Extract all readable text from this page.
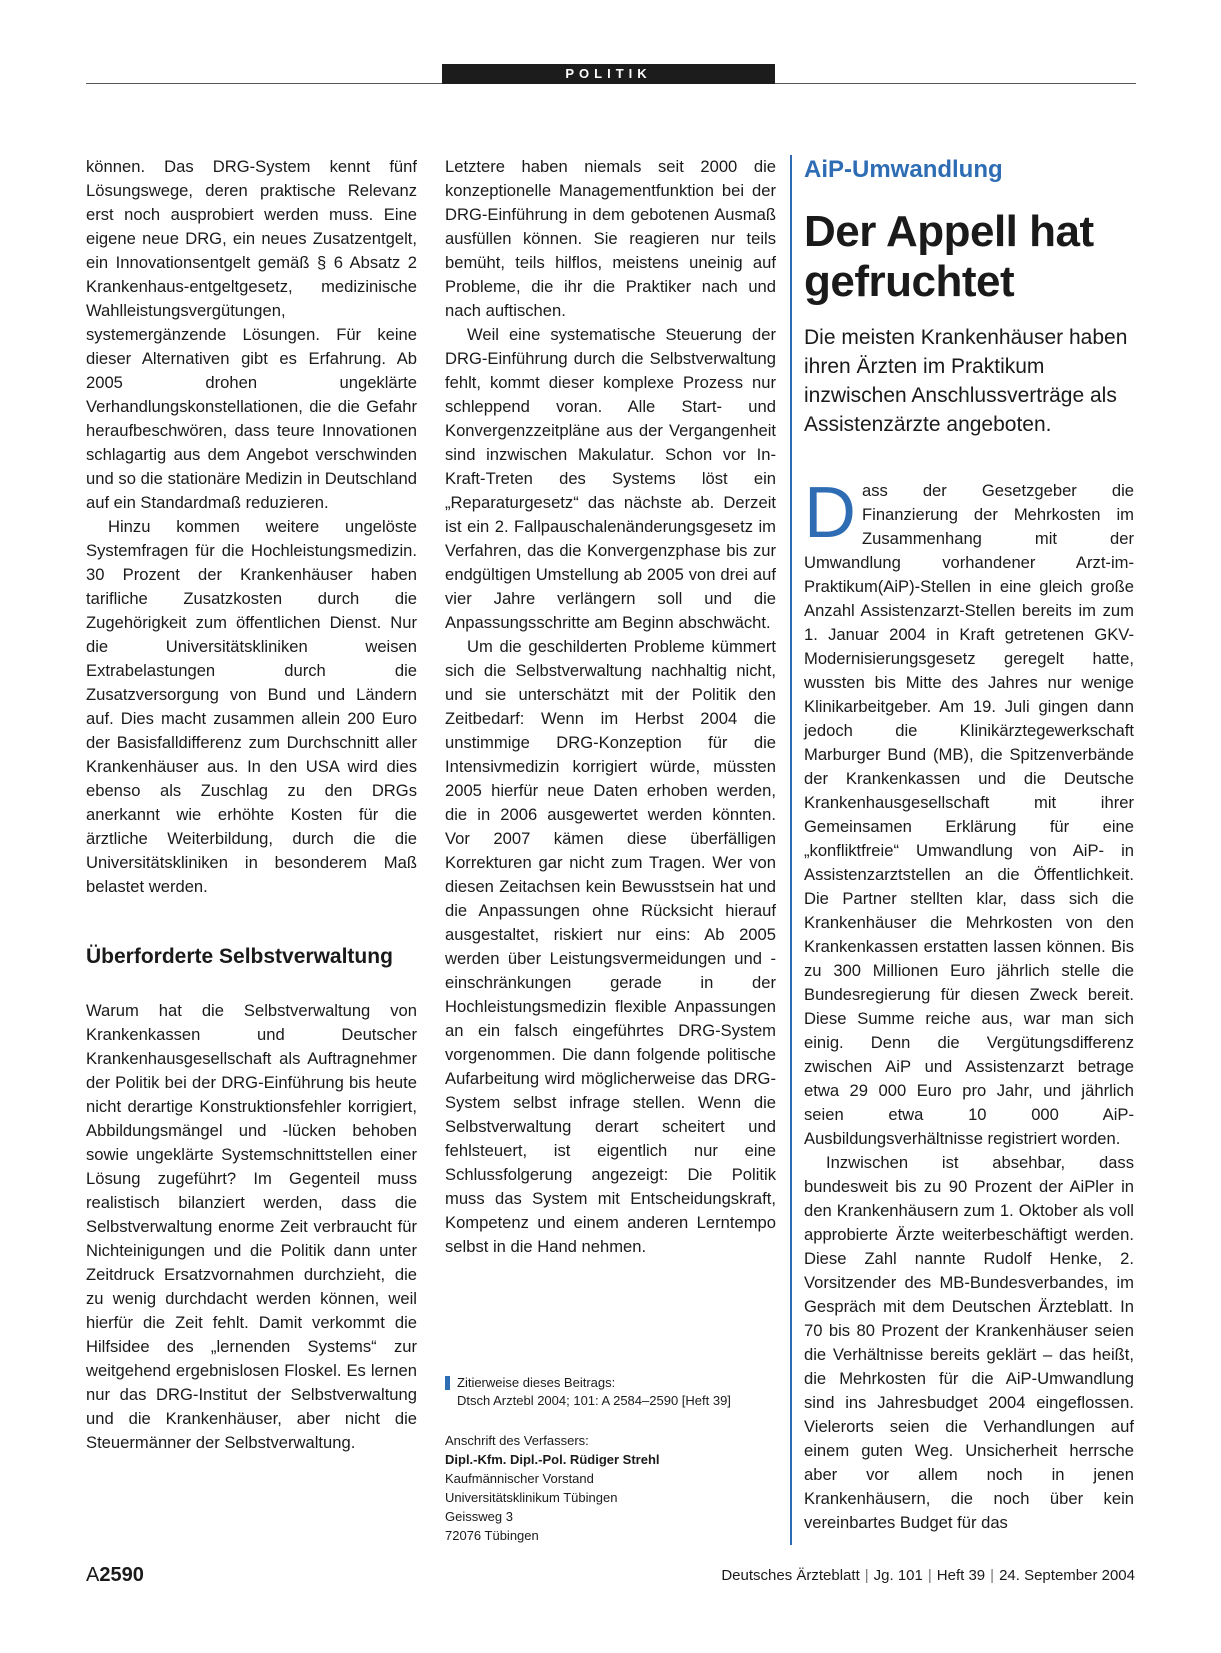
POLITIK

können. Das DRG-System kennt fünf Lösungswege, deren praktische Relevanz erst noch ausprobiert werden muss. Eine eigene neue DRG, ein neues Zusatzentgelt, ein Innovationsentgelt gemäß § 6 Absatz 2 Krankenhaus-entgeltgesetz, medizinische Wahlleistungsvergütungen, systemergänzende Lösungen. Für keine dieser Alternativen gibt es Erfahrung. Ab 2005 drohen ungeklärte Verhandlungskonstellationen, die die Gefahr heraufbeschwören, dass teure Innovationen schlagartig aus dem Angebot verschwinden und so die stationäre Medizin in Deutschland auf ein Standardmaß reduzieren.

Hinzu kommen weitere ungelöste Systemfragen für die Hochleistungsmedizin. 30 Prozent der Krankenhäuser haben tarifliche Zusatzkosten durch die Zugehörigkeit zum öffentlichen Dienst. Nur die Universitätskliniken weisen Extrabelastungen durch die Zusatzversorgung von Bund und Ländern auf. Dies macht zusammen allein 200 Euro der Basisfalldifferenz zum Durchschnitt aller Krankenhäuser aus. In den USA wird dies ebenso als Zuschlag zu den DRGs anerkannt wie erhöhte Kosten für die ärztliche Weiterbildung, durch die die Universitätskliniken in besonderem Maß belastet werden.

Überforderte Selbstverwaltung

Warum hat die Selbstverwaltung von Krankenkassen und Deutscher Krankenhausgesellschaft als Auftragnehmer der Politik bei der DRG-Einführung bis heute nicht derartige Konstruktionsfehler korrigiert, Abbildungsmängel und -lücken behoben sowie ungeklärte Systemschnittstellen einer Lösung zugeführt? Im Gegenteil muss realistisch bilanziert werden, dass die Selbstverwaltung enorme Zeit verbraucht für Nichteinigungen und die Politik dann unter Zeitdruck Ersatzvornahmen durchzieht, die zu wenig durchdacht werden können, weil hierfür die Zeit fehlt. Damit verkommt die Hilfsidee des „lernenden Systems“ zur weitgehend ergebnislosen Floskel. Es lernen nur das DRG-Institut der Selbstverwaltung und die Krankenhäuser, aber nicht die Steuermänner der Selbstverwaltung.

Letztere haben niemals seit 2000 die konzeptionelle Managementfunktion bei der DRG-Einführung in dem gebotenen Ausmaß ausfüllen können. Sie reagieren nur teils bemüht, teils hilflos, meistens uneinig auf Probleme, die ihr die Praktiker nach und nach auftischen.

Weil eine systematische Steuerung der DRG-Einführung durch die Selbstverwaltung fehlt, kommt dieser komplexe Prozess nur schleppend voran. Alle Start- und Konvergenzzeitpläne aus der Vergangenheit sind inzwischen Makulatur. Schon vor In-Kraft-Treten des Systems löst ein „Reparaturgesetz“ das nächste ab. Derzeit ist ein 2. Fallpauschalenänderungsgesetz im Verfahren, das die Konvergenzphase bis zur endgültigen Umstellung ab 2005 von drei auf vier Jahre verlängern soll und die Anpassungsschritte am Beginn abschwächt.

Um die geschilderten Probleme kümmert sich die Selbstverwaltung nachhaltig nicht, und sie unterschätzt mit der Politik den Zeitbedarf: Wenn im Herbst 2004 die unstimmige DRG-Konzeption für die Intensivmedizin korrigiert würde, müssten 2005 hierfür neue Daten erhoben werden, die in 2006 ausgewertet werden könnten. Vor 2007 kämen diese überfälligen Korrekturen gar nicht zum Tragen. Wer von diesen Zeitachsen kein Bewusstsein hat und die Anpassungen ohne Rücksicht hierauf ausgestaltet, riskiert nur eins: Ab 2005 werden über Leistungsvermeidungen und -einschränkungen gerade in der Hochleistungsmedizin flexible Anpassungen an ein falsch eingeführtes DRG-System vorgenommen. Die dann folgende politische Aufarbeitung wird möglicherweise das DRG-System selbst infrage stellen. Wenn die Selbstverwaltung derart scheitert und fehlsteuert, ist eigentlich nur eine Schlussfolgerung angezeigt: Die Politik muss das System mit Entscheidungskraft, Kompetenz und einem anderen Lerntempo selbst in die Hand nehmen.

Zitierweise dieses Beitrags:
Dtsch Arztebl 2004; 101: A 2584–2590 [Heft 39]
Anschrift des Verfassers:
Dipl.-Kfm. Dipl.-Pol. Rüdiger Strehl
Kaufmännischer Vorstand
Universitätsklinikum Tübingen
Geissweg 3
72076 Tübingen
AiP-Umwandlung
Der Appell hat gefruchtet
Die meisten Krankenhäuser haben ihren Ärzten im Praktikum inzwischen Anschlussverträge als Assistenzärzte angeboten.

Dass der Gesetzgeber die Finanzierung der Mehrkosten im Zusammenhang mit der Umwandlung vorhandener Arzt-im-Praktikum(AiP)-Stellen in eine gleich große Anzahl Assistenzarzt-Stellen bereits im zum 1. Januar 2004 in Kraft getretenen GKV-Modernisierungsgesetz geregelt hatte, wussten bis Mitte des Jahres nur wenige Klinikarbeitgeber. Am 19. Juli gingen dann jedoch die Klinikärztegewerkschaft Marburger Bund (MB), die Spitzenverbände der Krankenkassen und die Deutsche Krankenhausgesellschaft mit ihrer Gemeinsamen Erklärung für eine „konfliktfreie“ Umwandlung von AiP- in Assistenzarztstellen an die Öffentlichkeit. Die Partner stellten klar, dass sich die Krankenhäuser die Mehrkosten von den Krankenkassen erstatten lassen können. Bis zu 300 Millionen Euro jährlich stelle die Bundesregierung für diesen Zweck bereit. Diese Summe reiche aus, war man sich einig. Denn die Vergütungsdifferenz zwischen AiP und Assistenzarzt betrage etwa 29 000 Euro pro Jahr, und jährlich seien etwa 10 000 AiP-Ausbildungsverhältnisse registriert worden.

Inzwischen ist absehbar, dass bundesweit bis zu 90 Prozent der AiPler in den Krankenhäusern zum 1. Oktober als voll approbierte Ärzte weiterbeschäftigt werden. Diese Zahl nannte Rudolf Henke, 2. Vorsitzender des MB-Bundesverbandes, im Gespräch mit dem Deutschen Ärzteblatt. In 70 bis 80 Prozent der Krankenhäuser seien die Verhältnisse bereits geklärt – das heißt, die Mehrkosten für die AiP-Umwandlung sind ins Jahresbudget 2004 eingeflossen. Vielerorts seien die Verhandlungen auf einem guten Weg. Unsicherheit herrsche aber vor allem noch in jenen Krankenhäusern, die noch über kein vereinbartes Budget für das

A2590	Deutsches Ärzteblatt | Jg. 101 | Heft 39 | 24. September 2004
